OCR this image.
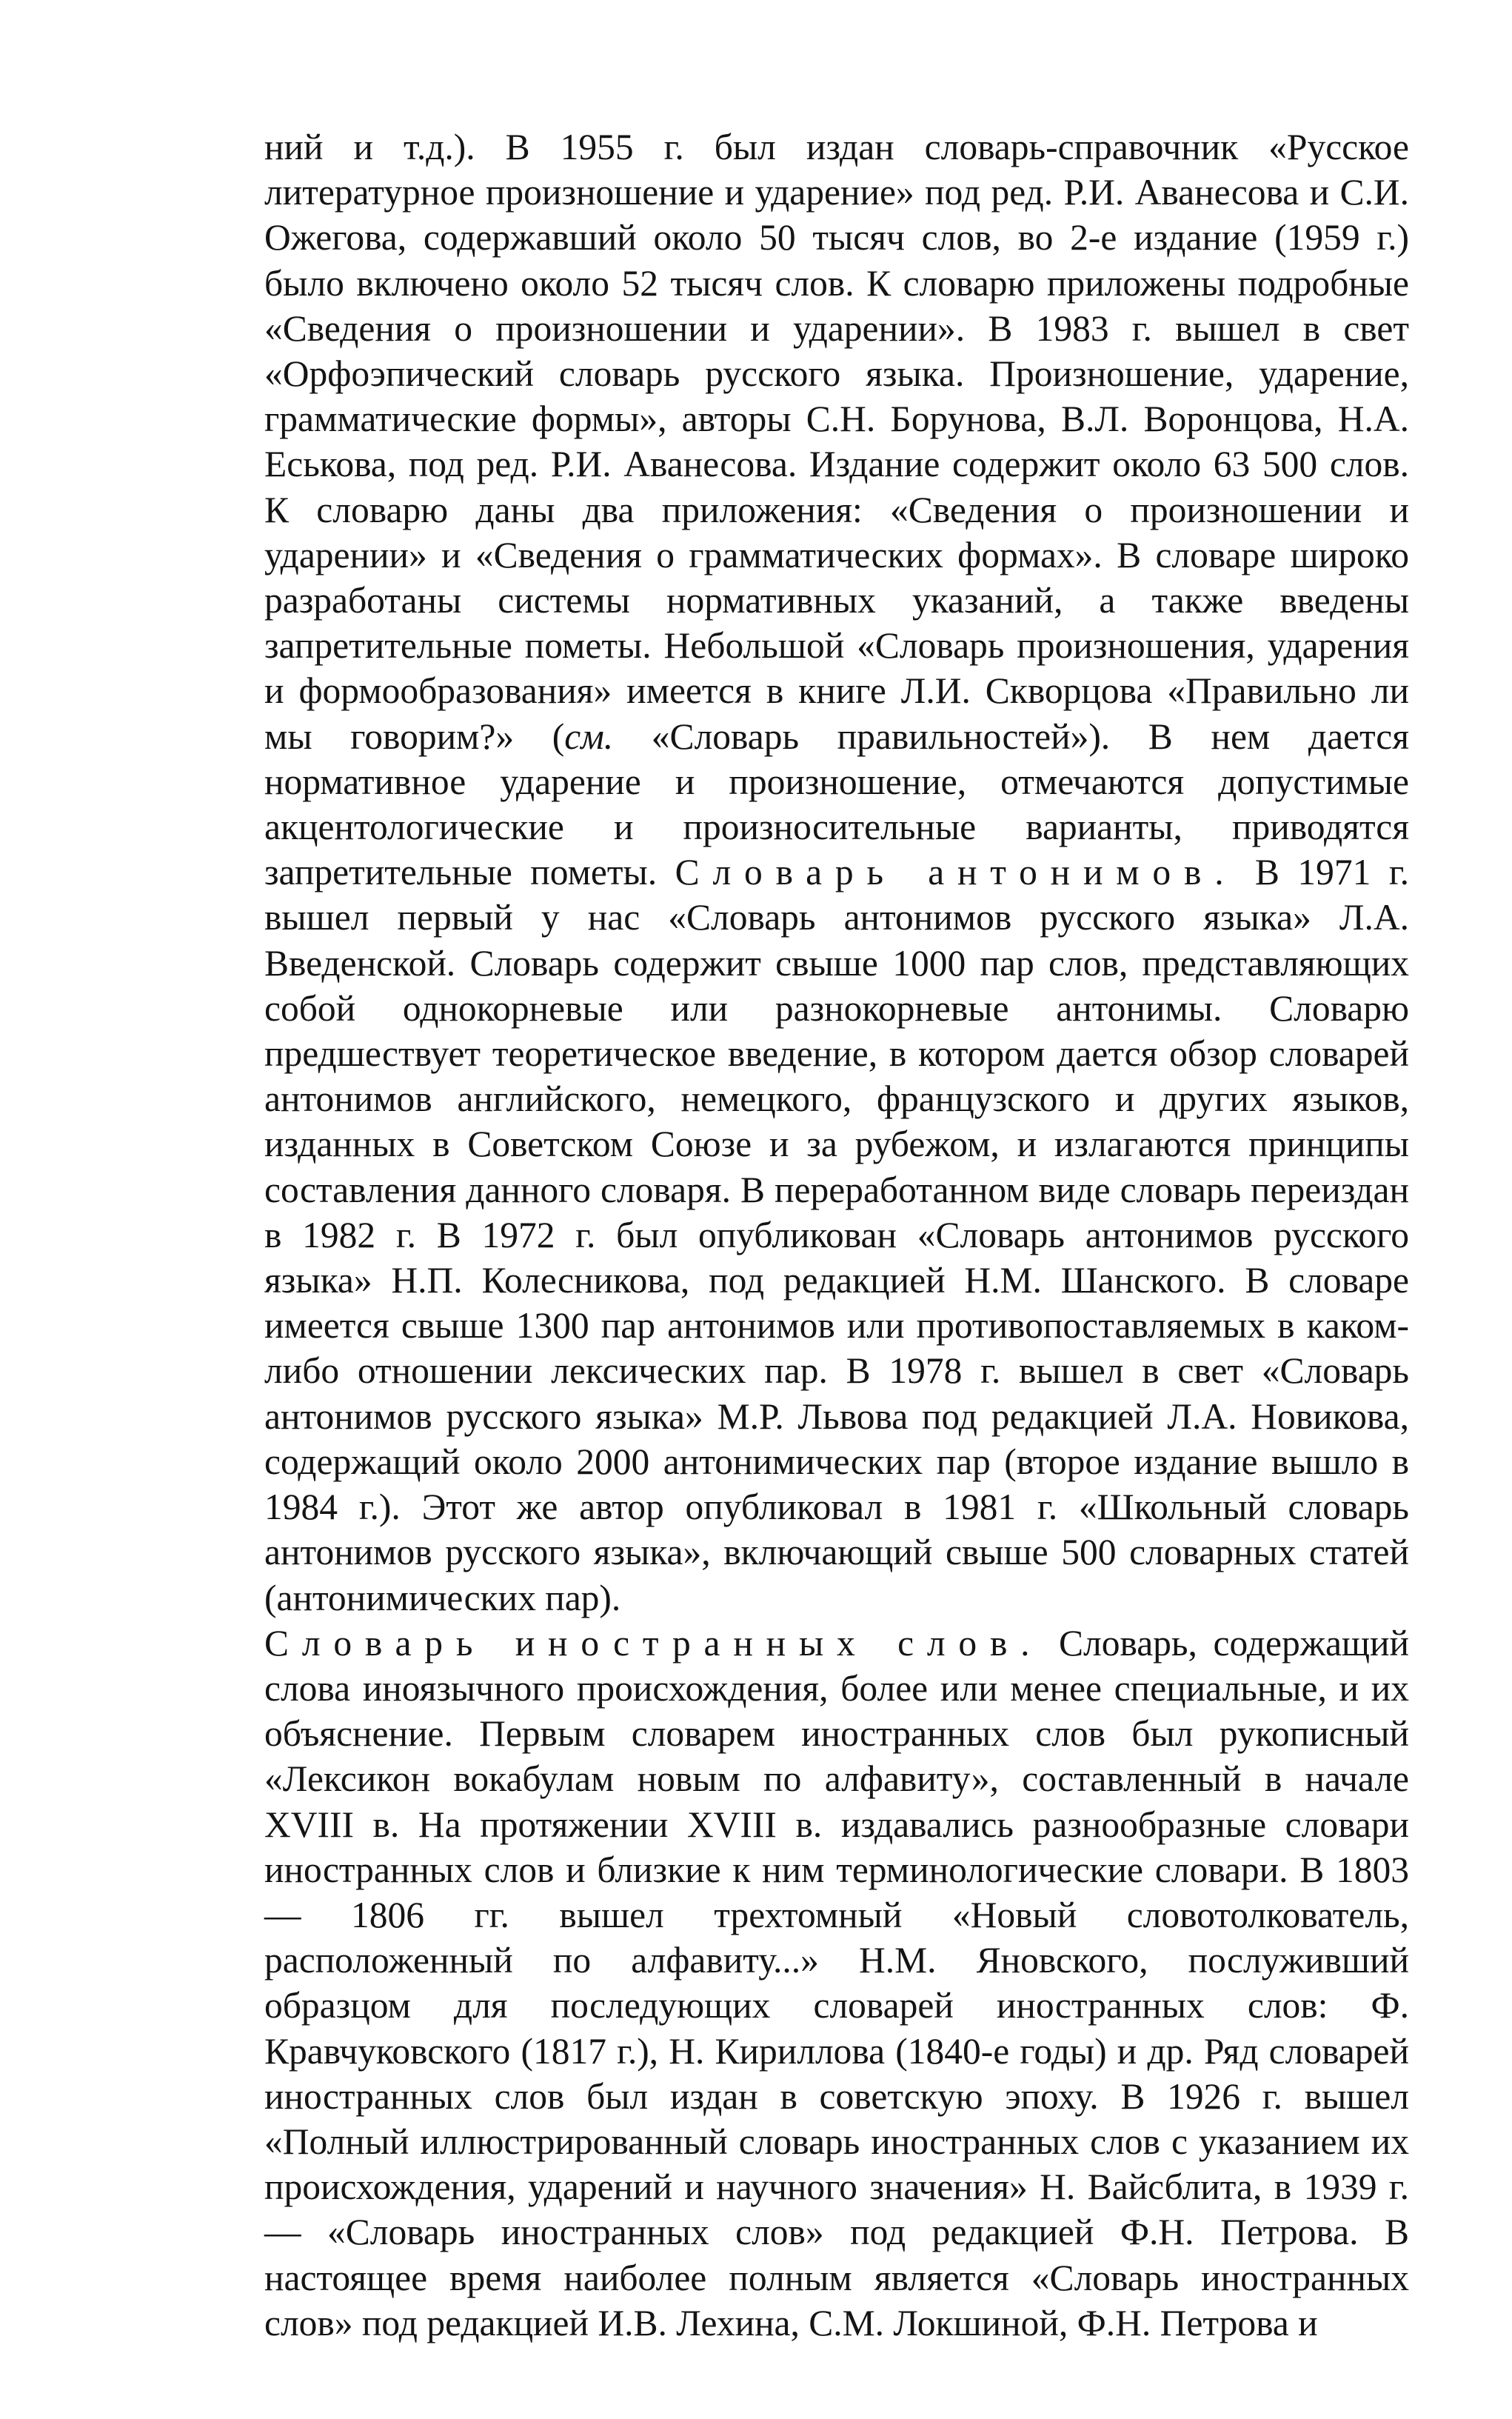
ний и т.д.). В 1955 г. был издан словарь-справочник «Русское литературное произношение и ударение» под ред. Р.И. Аванесова и С.И. Ожегова, содержавший около 50 тысяч слов, во 2-е издание (1959 г.) было включено около 52 тысяч слов. К словарю приложены подробные «Сведения о произношении и ударении». В 1983 г. вышел в свет «Орфоэпический словарь русского языка. Произношение, ударение, грамматические формы», авторы С.Н. Борунова, В.Л. Воронцова, Н.А. Еськова, под ред. Р.И. Аванесова. Издание содержит около 63 500 слов. К словарю даны два приложения: «Сведения о произношении и ударении» и «Сведения о грамматических формах». В словаре широко разработаны системы нормативных указаний, а также введены запретительные пометы. Небольшой «Словарь произношения, ударения и формообразования» имеется в книге Л.И. Скворцова «Правильно ли мы говорим?» (см. «Словарь правильностей»). В нем дается нормативное ударение и произношение, отмечаются допустимые акцентологические и произносительные варианты, приводятся запретительные пометы. Словарь антонимов. В 1971 г. вышел первый у нас «Словарь антонимов русского языка» Л.А. Введенской. Словарь содержит свыше 1000 пар слов, представляющих собой однокорневые или разнокорневые антонимы. Словарю предшествует теоретическое введение, в котором дается обзор словарей антонимов английского, немецкого, французского и других языков, изданных в Советском Союзе и за рубежом, и излагаются принципы составления данного словаря. В переработанном виде словарь переиздан в 1982 г. В 1972 г. был опубликован «Словарь антонимов русского языка» Н.П. Колесникова, под редакцией Н.М. Шанского. В словаре имеется свыше 1300 пар антонимов или противопоставляемых в каком-либо отношении лексических пар. В 1978 г. вышел в свет «Словарь антонимов русского языка» М.Р. Львова под редакцией Л.А. Новикова, содержащий около 2000 антонимических пар (второе издание вышло в 1984 г.). Этот же автор опубликовал в 1981 г. «Школьный словарь антонимов русского языка», включающий свыше 500 словарных статей (антонимических пар).

Словарь иностранных слов. Словарь, содержащий слова иноязычного происхождения, более или менее специальные, и их объяснение. Первым словарем иностранных слов был рукописный «Лексикон вокабулам новым по алфавиту», составленный в начале XVIII в. На протяжении XVIII в. издавались разнообразные словари иностранных слов и близкие к ним терминологические словари. В 1803 — 1806 гг. вышел трехтомный «Новый словотолкователь, расположенный по алфавиту...» Н.М. Яновского, послуживший образцом для последующих словарей иностранных слов: Ф. Кравчуковского (1817 г.), Н. Кириллова (1840-е годы) и др. Ряд словарей иностранных слов был издан в советскую эпоху. В 1926 г. вышел «Полный иллюстрированный словарь иностранных слов с указанием их происхождения, ударений и научного значения» Н. Вайсблита, в 1939 г.— «Словарь иностранных слов» под редакцией Ф.Н. Петрова. В настоящее время наиболее полным является «Словарь иностранных слов» под редакцией И.В. Лехина, С.М. Локшиной, Ф.Н. Петрова и
